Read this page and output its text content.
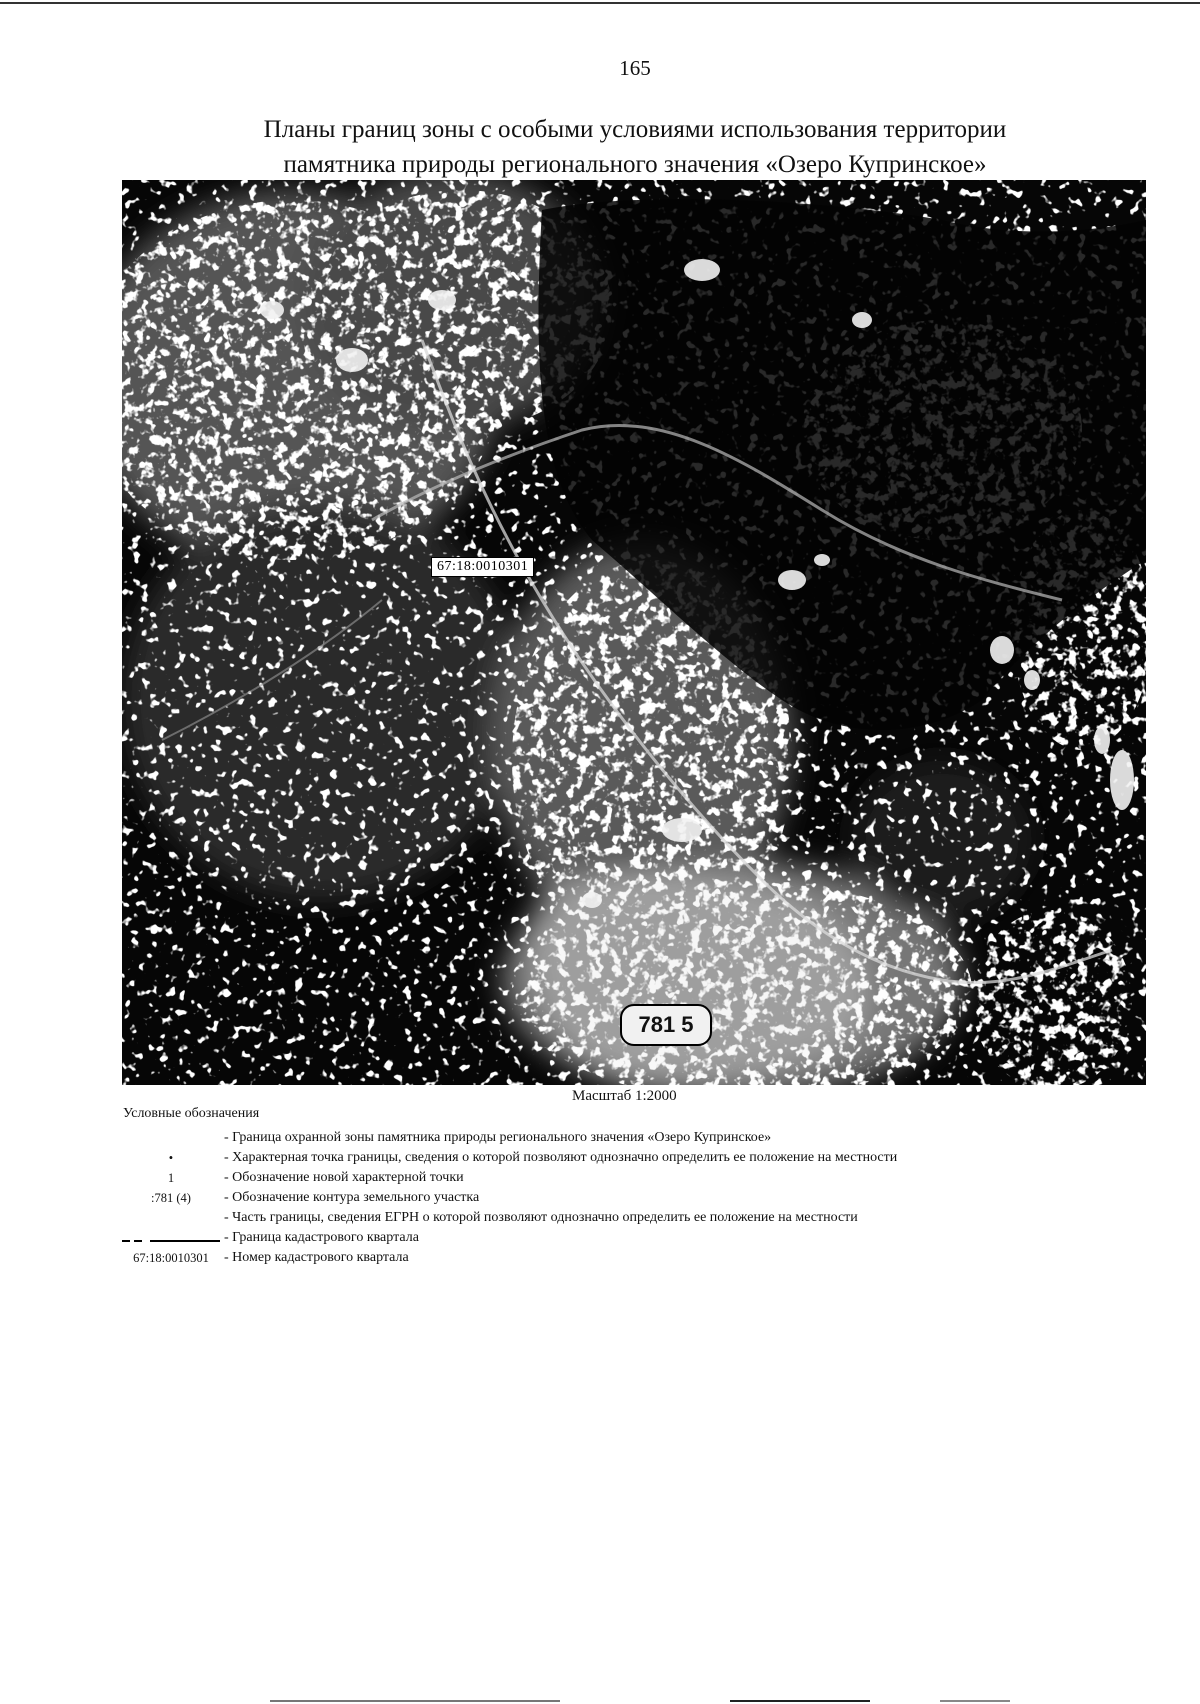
165
Планы границ зоны с особыми условиями использования территории
памятника природы регионального значения «Озеро Купринское»
67:18:0010301
781 5
Масштаб 1:2000
Условные обозначения
- Граница охранной зоны памятника природы регионального значения «Озеро Купринское»
•	- Характерная точка границы, сведения о которой позволяют однозначно определить ее положение на местности
1	- Обозначение новой характерной точки
:781 (4)	- Обозначение контура земельного участка
- Часть границы, сведения ЕГРН о которой позволяют однозначно определить ее положение на местности
- Граница кадастрового квартала
67:18:0010301	- Номер кадастрового квартала
